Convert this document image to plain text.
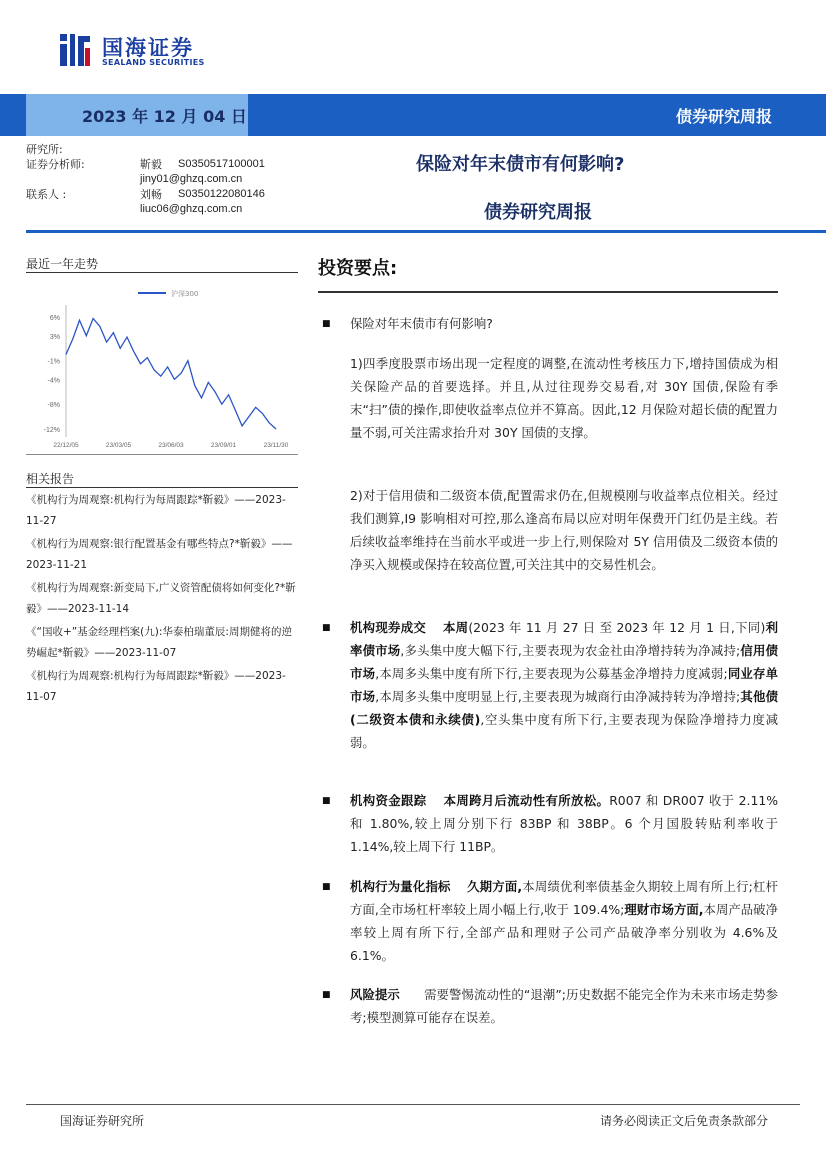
国海证券
SEALAND SECURITIES
2023 年 12 月 04 日	债券研究周报
研究所:
证券分析师:	靳毅 S0350517100001
jiny01@ghzq.com.cn
联系人 :	刘畅 S0350122080146
liuc06@ghzq.com.cn
保险对年末债市有何影响?
债券研究周报
最近一年走势
6%
3%
-1%
-4%
-8%
-12%
22/12/05	23/03/05	23/06/03	23/09/01	23/11/30
沪深300
相关报告
《机构行为周观察:机构行为每周跟踪*靳毅》——2023-11-27
《机构行为周观察:银行配置基金有哪些特点?*靳毅》——2023-11-21
《机构行为周观察:新变局下,广义资管配债将如何变化?*靳毅》——2023-11-14
《“国收+”基金经理档案(九):华泰柏瑞董辰:周期健将的逆势崛起*靳毅》——2023-11-07
《机构行为周观察:机构行为每周跟踪*靳毅》——2023-11-07
投资要点:
■ 保险对年末债市有何影响?
1)四季度股票市场出现一定程度的调整,在流动性考核压力下,增持国债成为相关保险产品的首要选择。并且,从过往现券交易看,对 30Y 国债,保险有季末“扫”债的操作,即使收益率点位并不算高。因此,12 月保险对超长债的配置力量不弱,可关注需求抬升对 30Y 国债的支撑。
2)对于信用债和二级资本债,配置需求仍在,但规模刚与收益率点位相关。经过我们测算,I9 影响相对可控,那么逢高布局以应对明年保费开门红仍是主线。若后续收益率维持在当前水平或进一步上行,则保险对 5Y 信用债及二级资本债的净买入规模或保持在较高位置,可关注其中的交易性机会。
■ 机构现券成交 本周(2023 年 11 月 27 日 至 2023 年 12 月 1 日,下同)利率债市场,多头集中度大幅下行,主要表现为农金社由净增持转为净减持;信用债市场,本周多头集中度有所下行,主要表现为公募基金净增持力度减弱;同业存单市场,本周多头集中度明显上行,主要表现为城商行由净减持转为净增持;其他债(二级资本债和永续债),空头集中度有所下行,主要表现为保险净增持力度减弱。
■ 机构资金跟踪 本周跨月后流动性有所放松。R007 和 DR007 收于 2.11%和 1.80%,较上周分别下行 83BP 和 38BP。6 个月国股转贴利率收于 1.14%,较上周下行 11BP。
■ 机构行为量化指标 久期方面,本周绩优利率债基金久期较上周有所上行;杠杆方面,全市场杠杆率较上周小幅上行,收于 109.4%;理财市场方面,本周产品破净率较上周有所下行,全部产品和理财子公司产品破净率分别收为 4.6%及 6.1%。
■ 风险提示 需要警惕流动性的“退潮”;历史数据不能完全作为未来市场走势参考;模型测算可能存在误差。
国海证券研究所	请务必阅读正文后免责条款部分
